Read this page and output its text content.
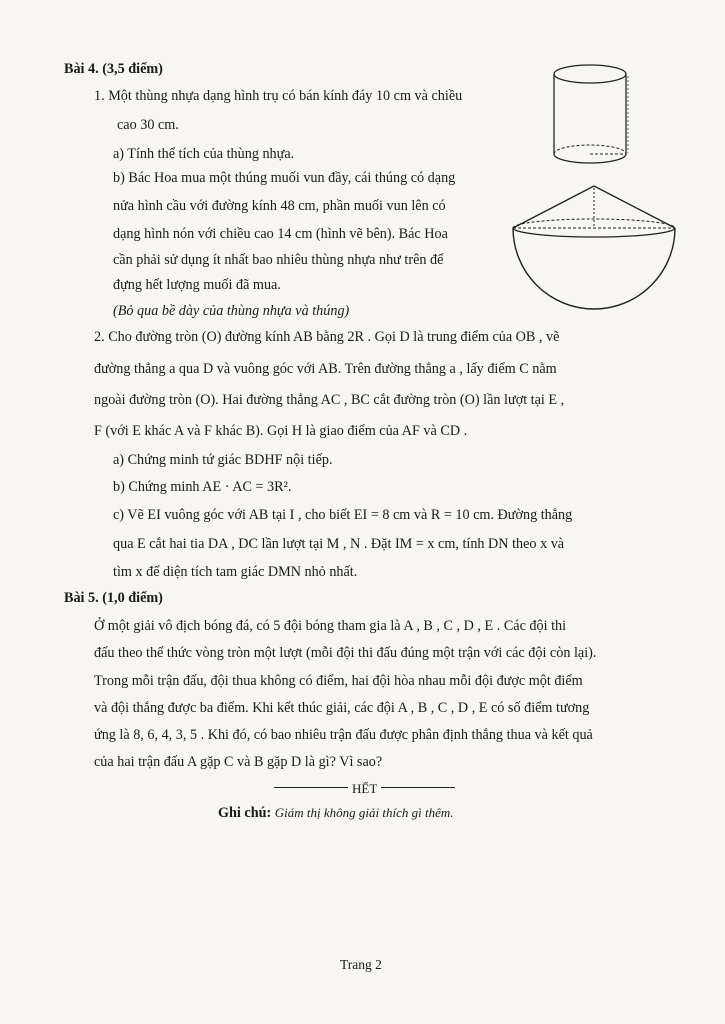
Bài 4. (3,5 điểm)
1. Một thùng nhựa dạng hình trụ có bán kính đáy 10 cm và chiều
cao 30 cm.
a) Tính thể tích của thùng nhựa.
b) Bác Hoa mua một thúng muối vun đầy, cái thúng có dạng
nửa hình cầu với đường kính 48 cm, phần muối vun lên có
dạng hình nón với chiều cao 14 cm (hình vẽ bên). Bác Hoa
cần phải sử dụng ít nhất bao nhiêu thùng nhựa như trên để
đựng hết lượng muối đã mua.
(Bỏ qua bề dày của thùng nhựa và thúng)
2. Cho đường tròn (O) đường kính AB bằng 2R . Gọi D là trung điểm của OB , vẽ
đường thẳng a qua D và vuông góc với AB. Trên đường thẳng a , lấy điểm C nằm
ngoài đường tròn (O). Hai đường thẳng AC , BC cắt đường tròn (O) lần lượt tại E ,
F (với E khác A và F khác B). Gọi H là giao điểm của AF và CD .
a) Chứng minh tứ giác BDHF nội tiếp.
b) Chứng minh AE · AC = 3R².
c) Vẽ EI vuông góc với AB tại I , cho biết EI = 8 cm và R = 10 cm. Đường thẳng
qua E cắt hai tia DA , DC lần lượt tại M , N . Đặt IM = x cm, tính DN theo x và
tìm x để diện tích tam giác DMN nhỏ nhất.
Bài 5. (1,0 điểm)
Ở một giải vô địch bóng đá, có 5 đội bóng tham gia là A , B , C , D , E . Các đội thi
đấu theo thể thức vòng tròn một lượt (mỗi đội thi đấu đúng một trận với các đội còn lại).
Trong mỗi trận đấu, đội thua không có điểm, hai đội hòa nhau mỗi đội được một điểm
và đội thắng được ba điểm. Khi kết thúc giải, các đội A , B , C , D , E có số điểm tương
ứng là 8, 6, 4, 3, 5 . Khi đó, có bao nhiêu trận đấu được phân định thắng thua và kết quả
của hai trận đấu A gặp C và B gặp D là gì? Vì sao?
HẾT
Ghi chú: Giám thị không giải thích gì thêm.
Trang 2
